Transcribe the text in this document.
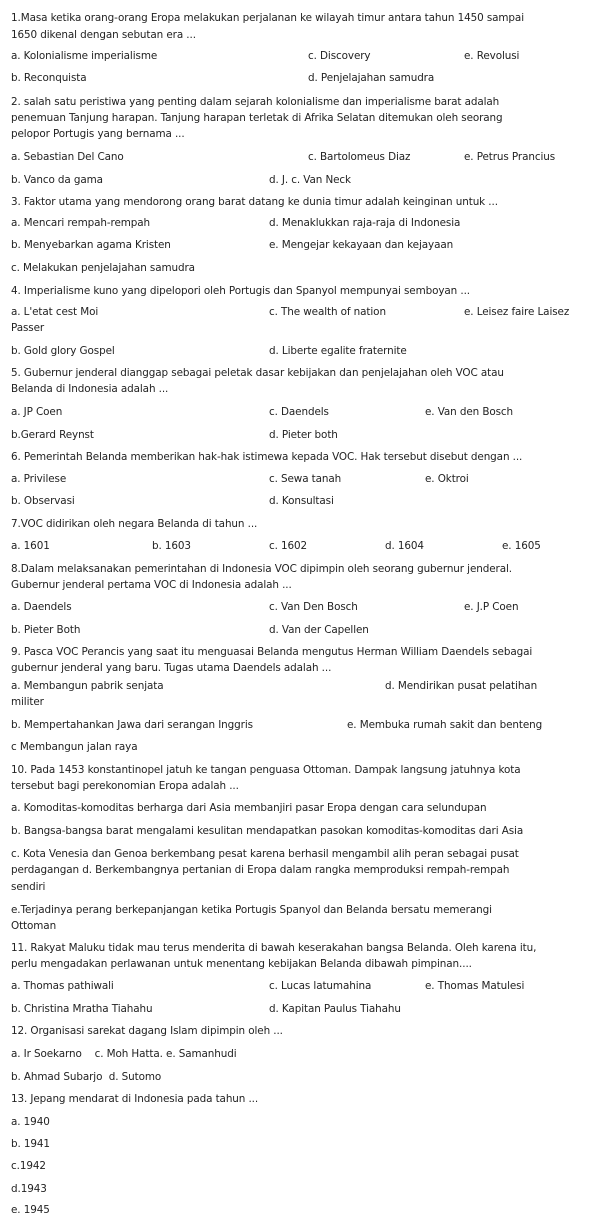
1.Masa ketika orang-orang Eropa melakukan perjalanan ke wilayah timur antara tahun 1450 sampai
1650 dikenal dengan sebutan era ...
a. Kolonialisme imperialisme	c. Discovery	e. Revolusi
b. Reconquista	d. Penjelajahan samudra
2. salah satu peristiwa yang penting dalam sejarah kolonialisme dan imperialisme barat adalah
penemuan Tanjung harapan. Tanjung harapan terletak di Afrika Selatan ditemukan oleh seorang
pelopor Portugis yang bernama ...
a. Sebastian Del Cano	c. Bartolomeus Diaz	e. Petrus Prancius
b. Vanco da gama	d. J. c. Van Neck
3. Faktor utama yang mendorong orang barat datang ke dunia timur adalah keinginan untuk ...
a. Mencari rempah-rempah	d. Menaklukkan raja-raja di Indonesia
b. Menyebarkan agama Kristen	e. Mengejar kekayaan dan kejayaan
c. Melakukan penjelajahan samudra
4. Imperialisme kuno yang dipelopori oleh Portugis dan Spanyol mempunyai semboyan ...
a. L'etat cest Moi	c. The wealth of nation	e. Leisez faire Laisez
Passer
b. Gold glory Gospel	d. Liberte egalite fraternite
5. Gubernur jenderal dianggap sebagai peletak dasar kebijakan dan penjelajahan oleh VOC atau
Belanda di Indonesia adalah ...
a. JP Coen	c. Daendels	e. Van den Bosch
b.Gerard Reynst	d. Pieter both
6. Pemerintah Belanda memberikan hak-hak istimewa kepada VOC. Hak tersebut disebut dengan ...
a. Privilese	c. Sewa tanah	e. Oktroi
b. Observasi	d. Konsultasi
7.VOC didirikan oleh negara Belanda di tahun ...
a. 1601	b. 1603	c. 1602	d. 1604	e. 1605
8.Dalam melaksanakan pemerintahan di Indonesia VOC dipimpin oleh seorang gubernur jenderal.
Gubernur jenderal pertama VOC di Indonesia adalah ...
a. Daendels	c. Van Den Bosch	e. J.P Coen
b. Pieter Both	d. Van der Capellen
9. Pasca VOC Perancis yang saat itu menguasai Belanda mengutus Herman William Daendels sebagai
gubernur jenderal yang baru. Tugas utama Daendels adalah ...
a. Membangun pabrik senjata	d. Mendirikan pusat pelatihan
militer
b. Mempertahankan Jawa dari serangan Inggris	e. Membuka rumah sakit dan benteng
c Membangun jalan raya
10. Pada 1453 konstantinopel jatuh ke tangan penguasa Ottoman. Dampak langsung jatuhnya kota
tersebut bagi perekonomian Eropa adalah ...
a. Komoditas-komoditas berharga dari Asia membanjiri pasar Eropa dengan cara selundupan
b. Bangsa-bangsa barat mengalami kesulitan mendapatkan pasokan komoditas-komoditas dari Asia
c. Kota Venesia dan Genoa berkembang pesat karena berhasil mengambil alih peran sebagai pusat
perdagangan d. Berkembangnya pertanian di Eropa dalam rangka memproduksi rempah-rempah
sendiri
e.Terjadinya perang berkepanjangan ketika Portugis Spanyol dan Belanda bersatu memerangi
Ottoman
11. Rakyat Maluku tidak mau terus menderita di bawah keserakahan bangsa Belanda. Oleh karena itu,
perlu mengadakan perlawanan untuk menentang kebijakan Belanda dibawah pimpinan....
a. Thomas pathiwali	c. Lucas latumahina	e. Thomas Matulesi
b. Christina Mratha Tiahahu	d. Kapitan Paulus Tiahahu
12. Organisasi sarekat dagang Islam dipimpin oleh ...
a. Ir Soekarno    c. Moh Hatta. e. Samanhudi
b. Ahmad Subarjo  d. Sutomo
13. Jepang mendarat di Indonesia pada tahun ...
a. 1940
b. 1941
c.1942
d.1943
e. 1945
